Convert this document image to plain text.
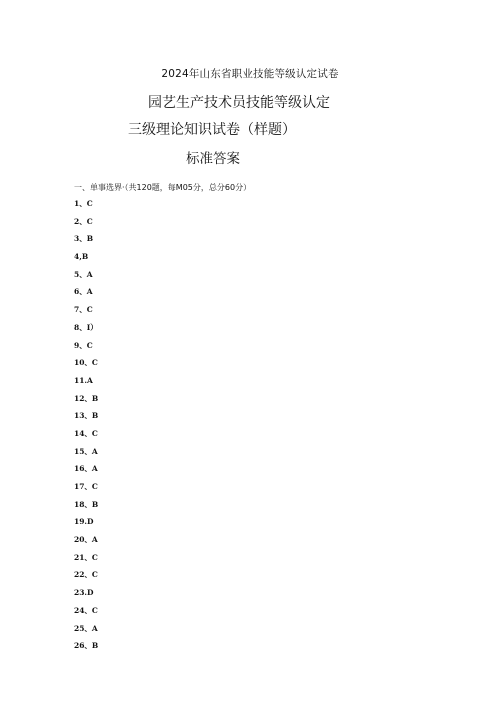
2024年山东省职业技能等级认定试卷
园艺生产技术员技能等级认定
三级理论知识试卷（样题）
标准答案
一、单事选界·（共120题，每M05分，总分60分）
1、C
2、C
3、B
4,B
5、A
6、A
7、C
8、I）
9、C
10、C
11.A
12、B
13、B
14、C
15、A
16、A
17、C
18、B
19.D
20、A
21、C
22、C
23.D
24、C
25、A
26、B
